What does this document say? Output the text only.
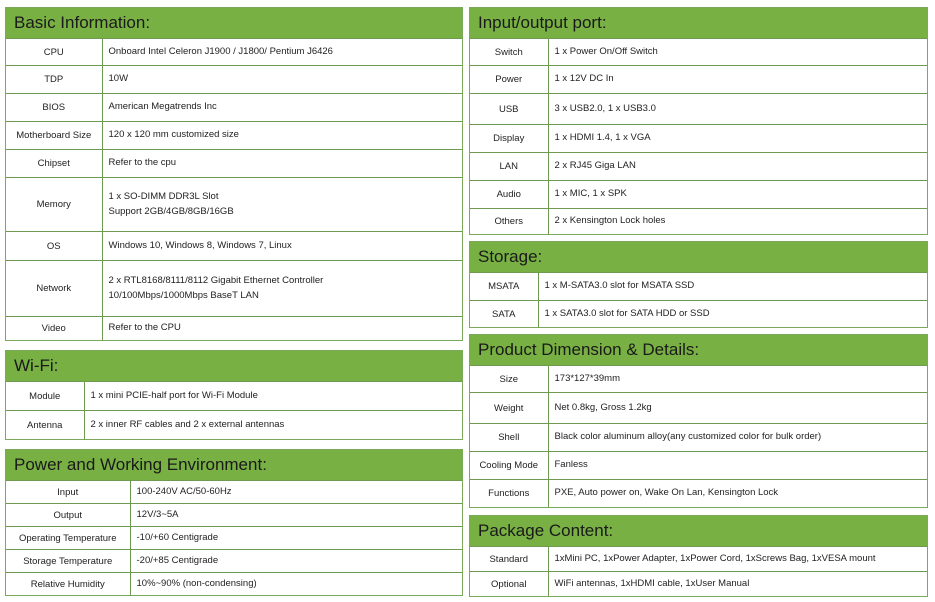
Basic Information:
CPU	Onboard Intel Celeron J1900 / J1800/ Pentium J6426
TDP	10W
BIOS	American Megatrends Inc
Motherboard Size	120 x 120 mm customized size
Chipset	Refer to the cpu
Memory	1 x SO-DIMM DDR3L Slot
Support 2GB/4GB/8GB/16GB

OS	Windows 10, Windows 8, Windows 7, Linux
Network	2 x RTL8168/8111/8112 Gigabit Ethernet Controller
10/100Mbps/1000Mbps BaseT LAN

Video	Refer to the CPU
Wi-Fi:
Module	1 x mini PCIE-half port for Wi-Fi Module
Antenna	2 x inner RF cables and 2 x external antennas
Power and Working Environment:
Input	100-240V AC/50-60Hz
Output	12V/3~5A
Operating Temperature	-10/+60 Centigrade
Storage Temperature	-20/+85 Centigrade
Relative Humidity	10%~90% (non-condensing)
Input/output port:
Switch	1 x Power On/Off Switch
Power	1 x 12V DC In
USB	3 x USB2.0, 1 x USB3.0
Display	1 x HDMI 1.4, 1 x VGA
LAN	2 x RJ45 Giga LAN
Audio	1 x MIC, 1 x SPK
Others	2 x Kensington Lock holes
Storage:
MSATA	1 x M-SATA3.0 slot for MSATA SSD
SATA	1 x SATA3.0 slot for SATA HDD or SSD
Product Dimension & Details:
Size	173*127*39mm
Weight	Net 0.8kg, Gross 1.2kg
Shell	Black color aluminum alloy(any customized color for bulk order)
Cooling Mode	Fanless
Functions	PXE, Auto power on, Wake On Lan, Kensington Lock
Package Content:
Standard	1xMini PC, 1xPower Adapter, 1xPower Cord, 1xScrews Bag, 1xVESA mount
Optional	WiFi antennas, 1xHDMI cable, 1xUser Manual
